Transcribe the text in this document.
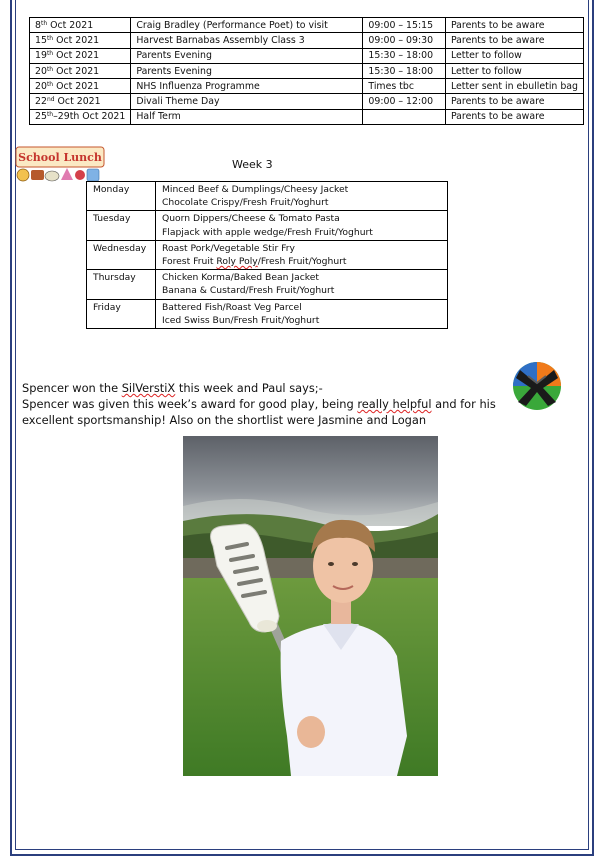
8th Oct 2021	Craig Bradley (Performance Poet) to visit	09:00 – 15:15	Parents to be aware
15th Oct 2021	Harvest Barnabas Assembly Class 3	09:00 – 09:30	Parents to be aware
19th Oct 2021	Parents Evening	15:30 – 18:00	Letter to follow
20th Oct 2021	Parents Evening	15:30 – 18:00	Letter to follow
20th Oct 2021	NHS Influenza Programme	Times tbc	Letter sent in ebulletin bag
22nd Oct 2021	Divali Theme Day	09:00 – 12:00	Parents to be aware
25th–29th Oct 2021	Half Term		Parents to be aware
School Lunch
Week 3
Monday	Minced Beef & Dumplings/Cheesy Jacket
Chocolate Crispy/Fresh Fruit/Yoghurt

Tuesday	Quorn Dippers/Cheese & Tomato Pasta
Flapjack with apple wedge/Fresh Fruit/Yoghurt

Wednesday	Roast Pork/Vegetable Stir Fry
Forest Fruit Roly Poly/Fresh Fruit/Yoghurt

Thursday	Chicken Korma/Baked Bean Jacket
Banana & Custard/Fresh Fruit/Yoghurt

Friday	Battered Fish/Roast Veg Parcel
Iced Swiss Bun/Fresh Fruit/Yoghurt
Spencer won the SilVerstiX this week and Paul says;-
Spencer was given this week’s award for good play, being really helpful and for his excellent sportsmanship! Also on the shortlist were Jasmine and Logan
